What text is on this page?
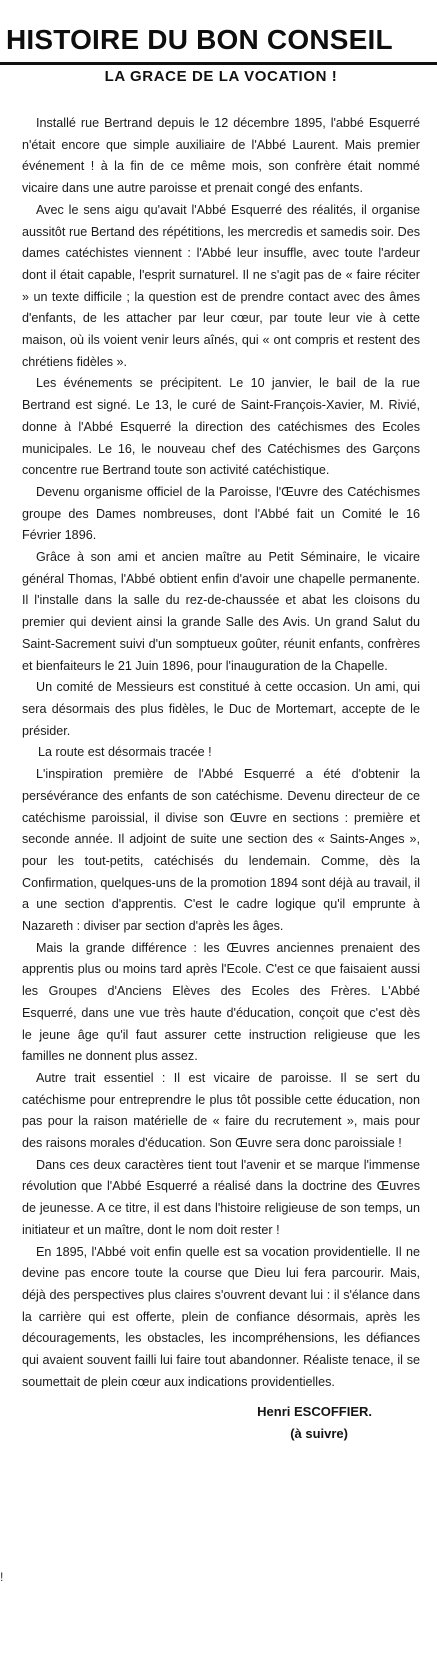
HISTOIRE DU BON CONSEIL
!
LA GRACE DE LA VOCATION !

Installé rue Bertrand depuis le 12 décembre 1895, l'abbé Esquerré n'était encore que simple auxiliaire de l'Abbé Laurent. Mais premier événement ! à la fin de ce même mois, son confrère était nommé vicaire dans une autre paroisse et prenait congé des enfants.

Avec le sens aigu qu'avait l'Abbé Esquerré des réalités, il organise aussitôt rue Bertand des répétitions, les mercredis et samedis soir. Des dames catéchistes viennent : l'Abbé leur insuffle, avec toute l'ardeur dont il était capable, l'esprit surnaturel. Il ne s'agit pas de « faire réciter » un texte difficile ; la question est de prendre contact avec des âmes d'enfants, de les attacher par leur cœur, par toute leur vie à cette maison, où ils voient venir leurs aînés, qui « ont compris et restent des chrétiens fidèles ».

Les événements se précipitent. Le 10 janvier, le bail de la rue Bertrand est signé. Le 13, le curé de Saint-François-Xavier, M. Rivié, donne à l'Abbé Esquerré la direction des catéchismes des Ecoles municipales. Le 16, le nouveau chef des Catéchismes des Garçons concentre rue Bertrand toute son activité catéchistique.

Devenu organisme officiel de la Paroisse, l'Œuvre des Catéchismes groupe des Dames nombreuses, dont l'Abbé fait un Comité le 16 Février 1896.

Grâce à son ami et ancien maître au Petit Séminaire, le vicaire général Thomas, l'Abbé obtient enfin d'avoir une chapelle permanente. Il l'installe dans la salle du rez-de-chaussée et abat les cloisons du premier qui devient ainsi la grande Salle des Avis. Un grand Salut du Saint-Sacrement suivi d'un somptueux goûter, réunit enfants, confrères et bienfaiteurs le 21 Juin 1896, pour l'inauguration de la Chapelle.

Un comité de Messieurs est constitué à cette occasion. Un ami, qui sera désormais des plus fidèles, le Duc de Mortemart, accepte de le présider.

La route est désormais tracée !

L'inspiration première de l'Abbé Esquerré a été d'obtenir la persévérance des enfants de son catéchisme. Devenu directeur de ce catéchisme paroissial, il divise son Œuvre en sections : première et seconde année. Il adjoint de suite une section des « Saints-Anges », pour les tout-petits, catéchisés du lendemain. Comme, dès la Confirmation, quelques-uns de la promotion 1894 sont déjà au travail, il a une section d'apprentis. C'est le cadre logique qu'il emprunte à Nazareth : diviser par section d'après les âges.

Mais la grande différence : les Œuvres anciennes prenaient des apprentis plus ou moins tard après l'Ecole. C'est ce que faisaient aussi les Groupes d'Anciens Elèves des Ecoles des Frères. L'Abbé Esquerré, dans une vue très haute d'éducation, conçoit que c'est dès le jeune âge qu'il faut assurer cette instruction religieuse que les familles ne donnent plus assez.

Autre trait essentiel : Il est vicaire de paroisse. Il se sert du catéchisme pour entreprendre le plus tôt possible cette éducation, non pas pour la raison matérielle de « faire du recrutement », mais pour des raisons morales d'éducation. Son Œuvre sera donc paroissiale !

Dans ces deux caractères tient tout l'avenir et se marque l'immense révolution que l'Abbé Esquerré a réalisé dans la doctrine des Œuvres de jeunesse. A ce titre, il est dans l'histoire religieuse de son temps, un initiateur et un maître, dont le nom doit rester !

En 1895, l'Abbé voit enfin quelle est sa vocation providentielle. Il ne devine pas encore toute la course que Dieu lui fera parcourir. Mais, déjà des perspectives plus claires s'ouvrent devant lui : il s'élance dans la carrière qui est offerte, plein de confiance désormais, après les découragements, les obstacles, les incompréhensions, les défiances qui avaient souvent failli lui faire tout abandonner. Réaliste tenace, il se soumettait de plein cœur aux indications providentielles.

Henri ESCOFFIER.
(à suivre)
